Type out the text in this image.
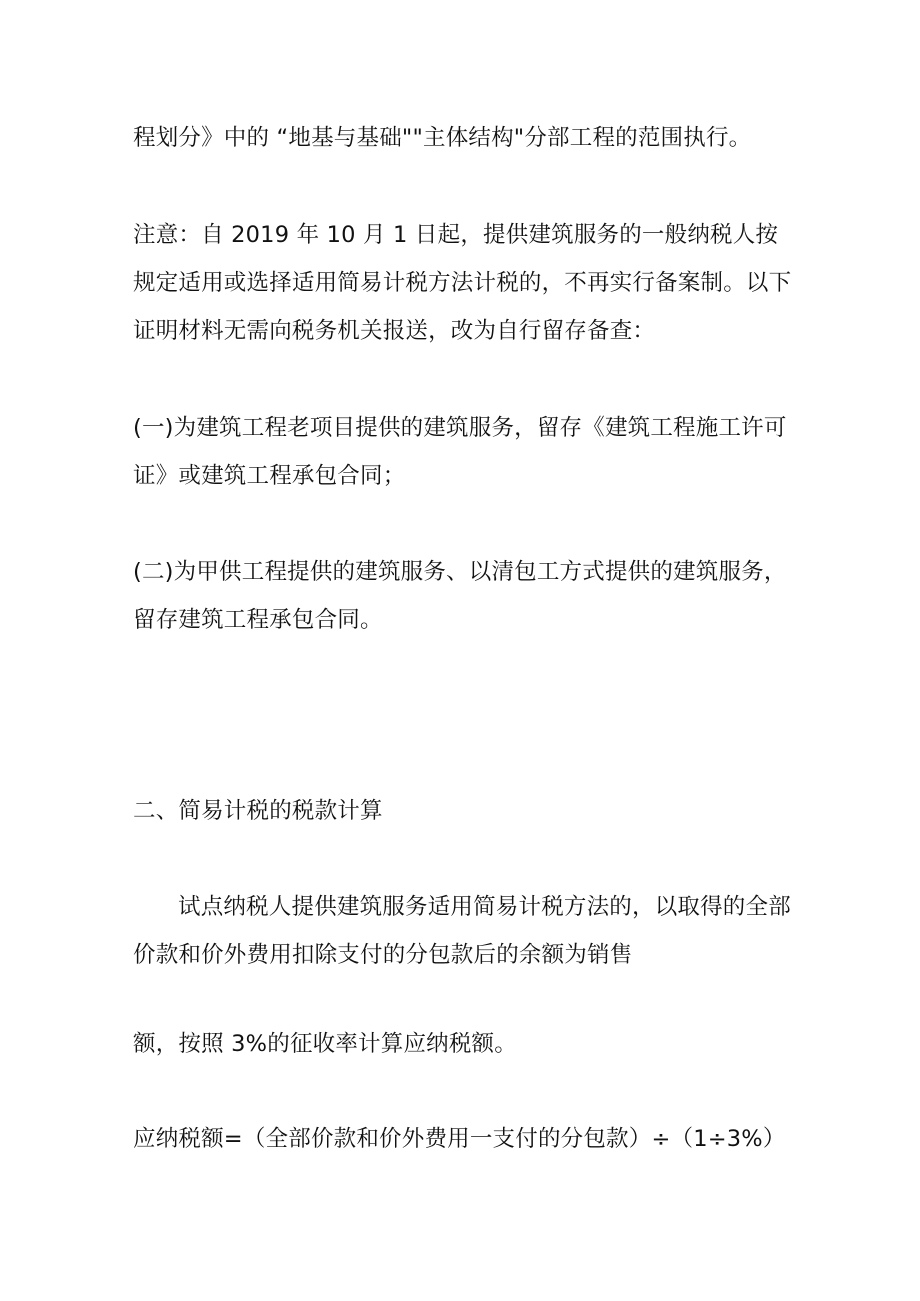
程划分》中的 “地基与基础""主体结构"分部工程的范围执行。
注意：自 2019 年 10 月 1 日起，提供建筑服务的一般纳税人按
规定适用或选择适用简易计税方法计税的，不再实行备案制。以下
证明材料无需向税务机关报送，改为自行留存备查：
(一)为建筑工程老项目提供的建筑服务，留存《建筑工程施工许可
证》或建筑工程承包合同；
(二)为甲供工程提供的建筑服务、以清包工方式提供的建筑服务，
留存建筑工程承包合同。
二、简易计税的税款计算
试点纳税人提供建筑服务适用简易计税方法的，以取得的全部
价款和价外费用扣除支付的分包款后的余额为销售
额，按照 3%的征收率计算应纳税额。
应纳税额=（全部价款和价外费用一支付的分包款）÷（1÷3%）
